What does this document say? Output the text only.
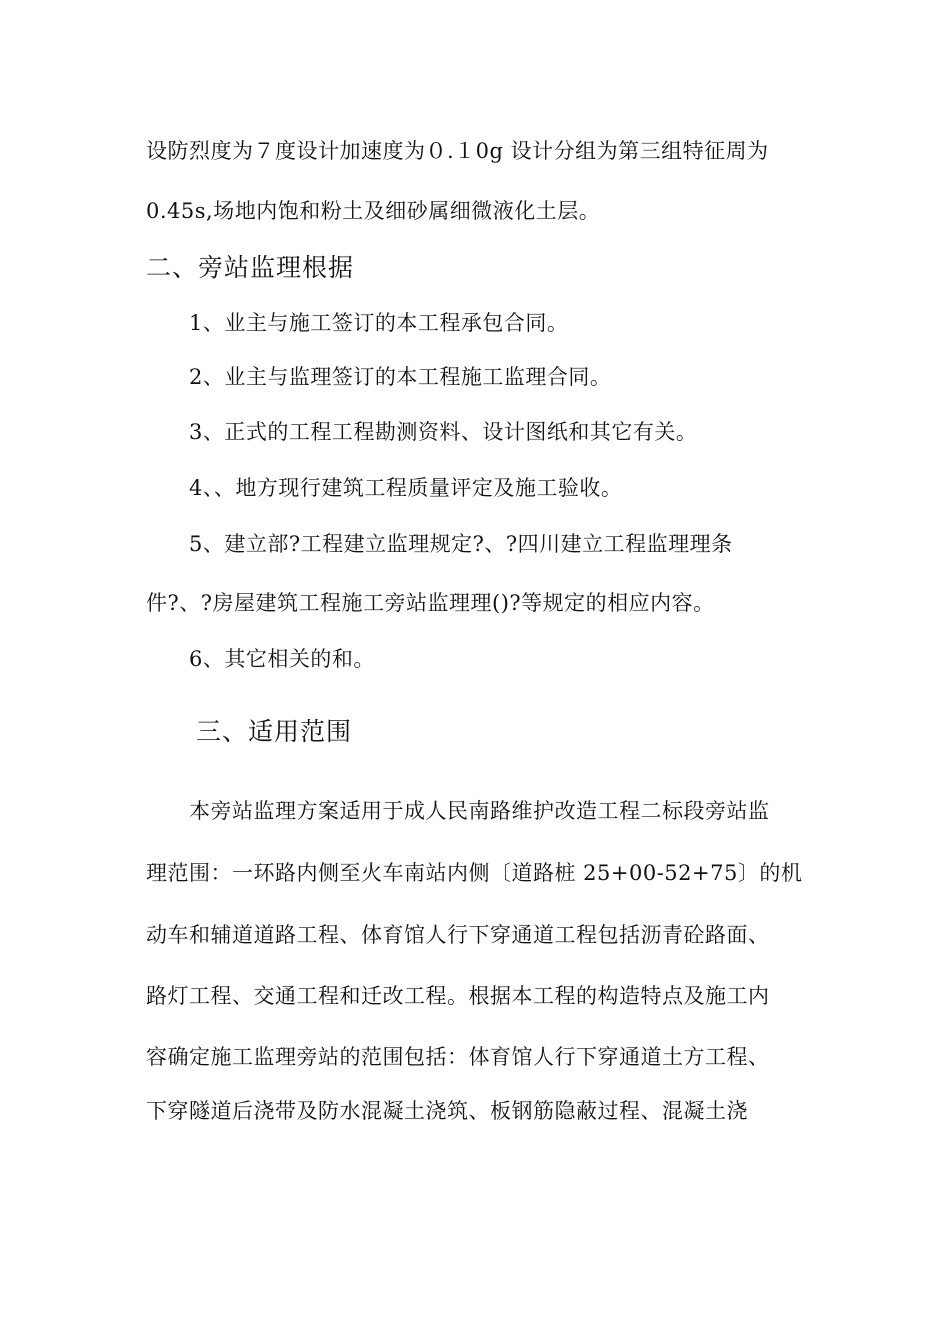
设防烈度为７度设计加速度为０.１0g 设计分组为第三组特征周为
0.45s,场地内饱和粉土及细砂属细微液化土层。
二、旁站监理根据
1、业主与施工签订的本工程承包合同。
2、业主与监理签订的本工程施工监理合同。
3、正式的工程工程勘测资料、设计图纸和其它有关。
4、、地方现行建筑工程质量评定及施工验收。
5、建立部?工程建立监理规定?、?四川建立工程监理理条
件?、?房屋建筑工程施工旁站监理理()?等规定的相应内容。
6、其它相关的和。
三、适用范围
本旁站监理方案适用于成人民南路维护改造工程二标段旁站监
理范围：一环路内侧至火车南站内侧〔道路桩 25+00-52+75〕的机
动车和辅道道路工程、体育馆人行下穿通道工程包括沥青砼路面、
路灯工程、交通工程和迁改工程。根据本工程的构造特点及施工内
容确定施工监理旁站的范围包括：体育馆人行下穿通道土方工程、
下穿隧道后浇带及防水混凝土浇筑、板钢筋隐蔽过程、混凝土浇
